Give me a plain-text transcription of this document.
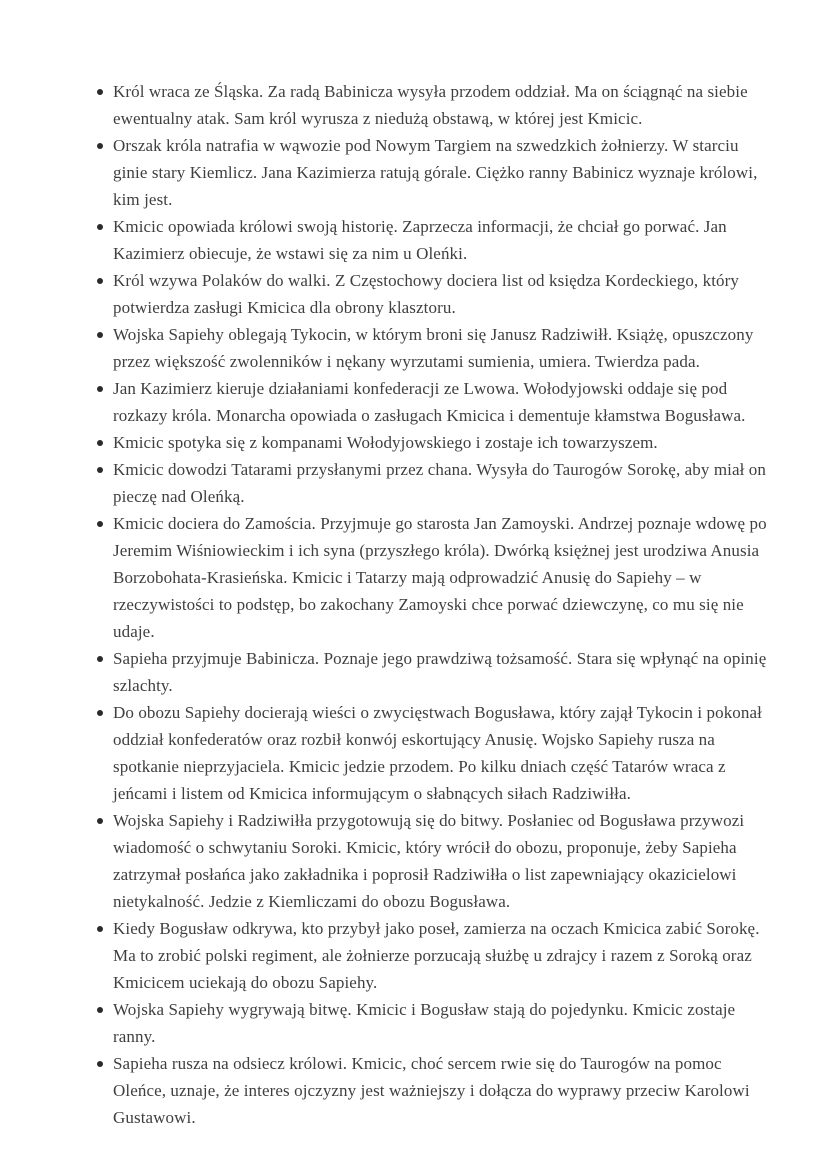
Król wraca ze Śląska. Za radą Babinicza wysyła przodem oddział. Ma on ściągnąć na siebie ewentualny atak. Sam król wyrusza z niedużą obstawą, w której jest Kmicic.
Orszak króla natrafia w wąwozie pod Nowym Targiem na szwedzkich żołnierzy. W starciu ginie stary Kiemlicz. Jana Kazimierza ratują górale. Ciężko ranny Babinicz wyznaje królowi, kim jest.
Kmicic opowiada królowi swoją historię. Zaprzecza informacji, że chciał go porwać. Jan Kazimierz obiecuje, że wstawi się za nim u Oleńki.
Król wzywa Polaków do walki. Z Częstochowy dociera list od księdza Kordeckiego, który potwierdza zasługi Kmicica dla obrony klasztoru.
Wojska Sapiehy oblegają Tykocin, w którym broni się Janusz Radziwiłł. Książę, opuszczony przez większość zwolenników i nękany wyrzutami sumienia, umiera. Twierdza pada.
Jan Kazimierz kieruje działaniami konfederacji ze Lwowa. Wołodyjowski oddaje się pod rozkazy króla. Monarcha opowiada o zasługach Kmicica i dementuje kłamstwa Bogusława.
Kmicic spotyka się z kompanami Wołodyjowskiego i zostaje ich towarzyszem.
Kmicic dowodzi Tatarami przysłanymi przez chana. Wysyła do Taurogów Sorokę, aby miał on pieczę nad Oleńką.
Kmicic dociera do Zamościa. Przyjmuje go starosta Jan Zamoyski. Andrzej poznaje wdowę po Jeremim Wiśniowieckim i ich syna (przyszłego króla). Dwórką księżnej jest urodziwa Anusia Borzobohata-Krasieńska. Kmicic i Tatarzy mają odprowadzić Anusię do Sapiehy – w rzeczywistości to podstęp, bo zakochany Zamoyski chce porwać dziewczynę, co mu się nie udaje.
Sapieha przyjmuje Babinicza. Poznaje jego prawdziwą tożsamość. Stara się wpłynąć na opinię szlachty.
Do obozu Sapiehy docierają wieści o zwycięstwach Bogusława, który zajął Tykocin i pokonał oddział konfederatów oraz rozbił konwój eskortujący Anusię. Wojsko Sapiehy rusza na spotkanie nieprzyjaciela. Kmicic jedzie przodem. Po kilku dniach część Tatarów wraca z jeńcami i listem od Kmicica informującym o słabnących siłach Radziwiłła.
Wojska Sapiehy i Radziwiłła przygotowują się do bitwy. Posłaniec od Bogusława przywozi wiadomość o schwytaniu Soroki. Kmicic, który wrócił do obozu, proponuje, żeby Sapieha zatrzymał posłańca jako zakładnika i poprosił Radziwiłła o list zapewniający okazicielowi nietykalność. Jedzie z Kiemliczami do obozu Bogusława.
Kiedy Bogusław odkrywa, kto przybył jako poseł, zamierza na oczach Kmicica zabić Sorokę. Ma to zrobić polski regiment, ale żołnierze porzucają służbę u zdrajcy i razem z Soroką oraz Kmicicem uciekają do obozu Sapiehy.
Wojska Sapiehy wygrywają bitwę. Kmicic i Bogusław stają do pojedynku. Kmicic zostaje ranny.
Sapieha rusza na odsiecz królowi. Kmicic, choć sercem rwie się do Taurogów na pomoc Oleńce, uznaje, że interes ojczyzny jest ważniejszy i dołącza do wyprawy przeciw Karolowi Gustawowi.
